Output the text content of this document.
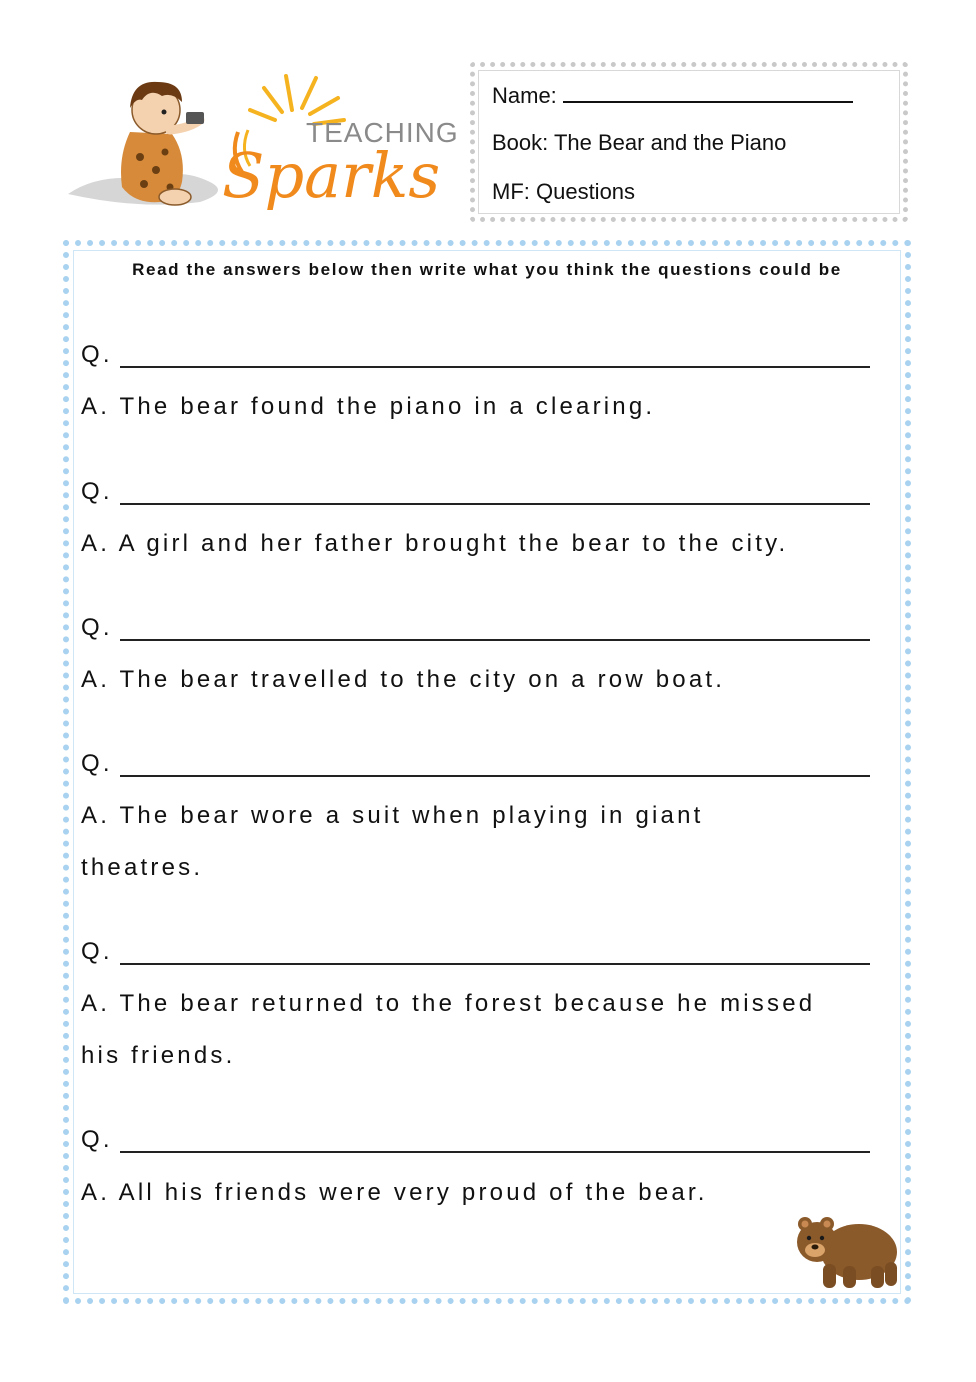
TEACHING
Sparks
Name:
Book: The Bear and the Piano
MF: Questions
Read the answers below then write what you think the questions could be
Q.
A. The bear found the piano in a clearing.
Q.
A. A girl and her father brought the bear to the city.
Q.
A. The bear travelled to the city on a row boat.
Q.
A. The bear wore a suit when playing in giant
theatres.
Q.
A. The bear returned to the forest because he missed
his friends.
Q.
A. All his friends were very proud of the bear.
